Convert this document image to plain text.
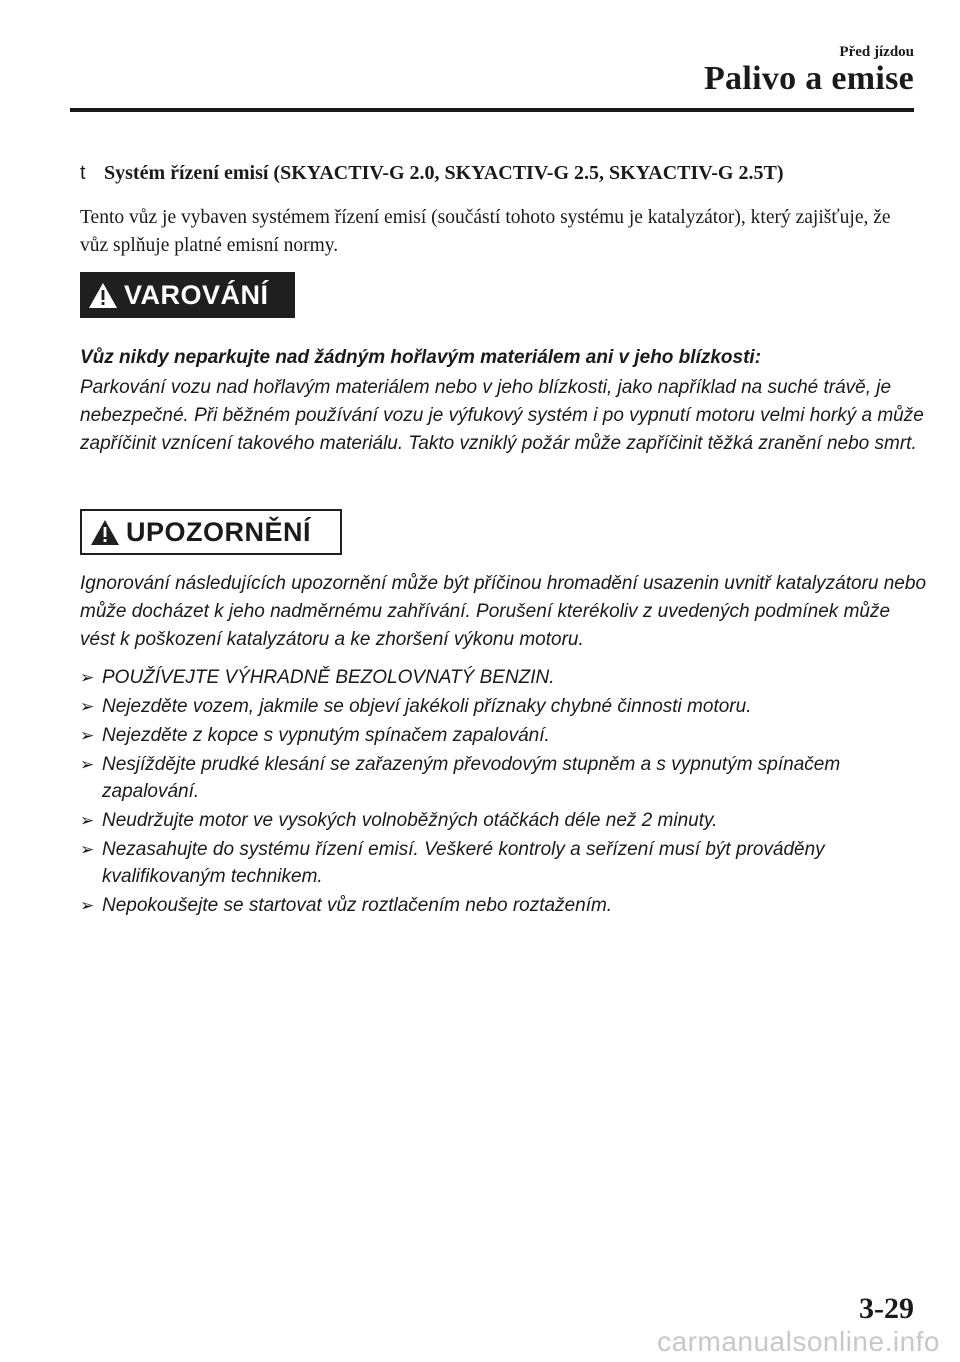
Před jízdou
Palivo a emise
t Systém řízení emisí (SKYACTIV-G 2.0, SKYACTIV-G 2.5, SKYACTIV-G 2.5T)
Tento vůz je vybaven systémem řízení emisí (součástí tohoto systému je katalyzátor), který zajišťuje, že vůz splňuje platné emisní normy.
VAROVÁNÍ
Vůz nikdy neparkujte nad žádným hořlavým materiálem ani v jeho blízkosti:
Parkování vozu nad hořlavým materiálem nebo v jeho blízkosti, jako například na suché trávě, je nebezpečné. Při běžném používání vozu je výfukový systém i po vypnutí motoru velmi horký a může zapříčinit vznícení takového materiálu. Takto vzniklý požár může zapříčinit těžká zranění nebo smrt.
UPOZORNĚNÍ
Ignorování následujících upozornění může být příčinou hromadění usazenin uvnitř katalyzátoru nebo může docházet k jeho nadměrnému zahřívání. Porušení kterékoliv z uvedených podmínek může vést k poškození katalyzátoru a ke zhoršení výkonu motoru.
➢ POUŽÍVEJTE VÝHRADNĚ BEZOLOVNATÝ BENZIN.
➢ Nejezděte vozem, jakmile se objeví jakékoli příznaky chybné činnosti motoru.
➢ Nejezděte z kopce s vypnutým spínačem zapalování.
➢ Nesjíždějte prudké klesání se zařazeným převodovým stupněm a s vypnutým spínačem zapalování.
➢ Neudržujte motor ve vysokých volnoběžných otáčkách déle než 2 minuty.
➢ Nezasahujte do systému řízení emisí. Veškeré kontroly a seřízení musí být prováděny kvalifikovaným technikem.
➢ Nepokoušejte se startovat vůz roztlačením nebo roztažením.
3-29
carmanualsonline.info
